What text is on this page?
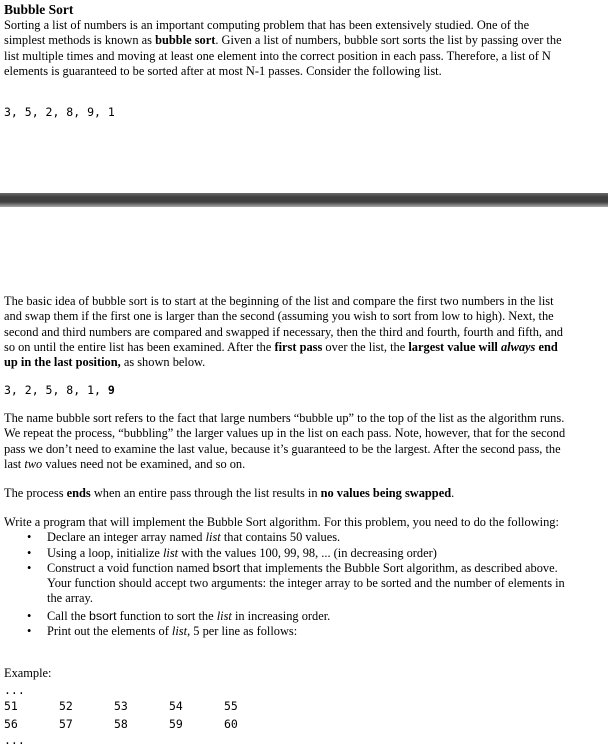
Bubble Sort

Sorting a list of numbers is an important computing problem that has been extensively studied. One of the simplest methods is known as bubble sort. Given a list of numbers, bubble sort sorts the list by passing over the list multiple times and moving at least one element into the correct position in each pass. Therefore, a list of N elements is guaranteed to be sorted after at most N-1 passes. Consider the following list.

3, 5, 2, 8, 9, 1
The basic idea of bubble sort is to start at the beginning of the list and compare the first two numbers in the list and swap them if the first one is larger than the second (assuming you wish to sort from low to high). Next, the second and third numbers are compared and swapped if necessary, then the third and fourth, fourth and fifth, and so on until the entire list has been examined. After the first pass over the list, the largest value will always end up in the last position, as shown below.
3, 2, 5, 8, 1, 9
The name bubble sort refers to the fact that large numbers “bubble up” to the top of the list as the algorithm runs. We repeat the process, “bubbling” the larger values up in the list on each pass. Note, however, that for the second pass we don’t need to examine the last value, because it’s guaranteed to be the largest. After the second pass, the last two values need not be examined, and so on.
The process ends when an entire pass through the list results in no values being swapped.

Write a program that will implement the Bubble Sort algorithm. For this problem, you need to do the following:

• Declare an integer array named list that contains 50 values.
• Using a loop, initialize list with the values 100, 99, 98, ... (in decreasing order)
• Construct a void function named bsort that implements the Bubble Sort algorithm, as described above. Your function should accept two arguments: the integer array to be sorted and the number of elements in the array.
• Call the bsort function to sort the list in increasing order.
• Print out the elements of list, 5 per line as follows:
Example:
...
51	52	53	54	55
56	57	58	59	60
...
